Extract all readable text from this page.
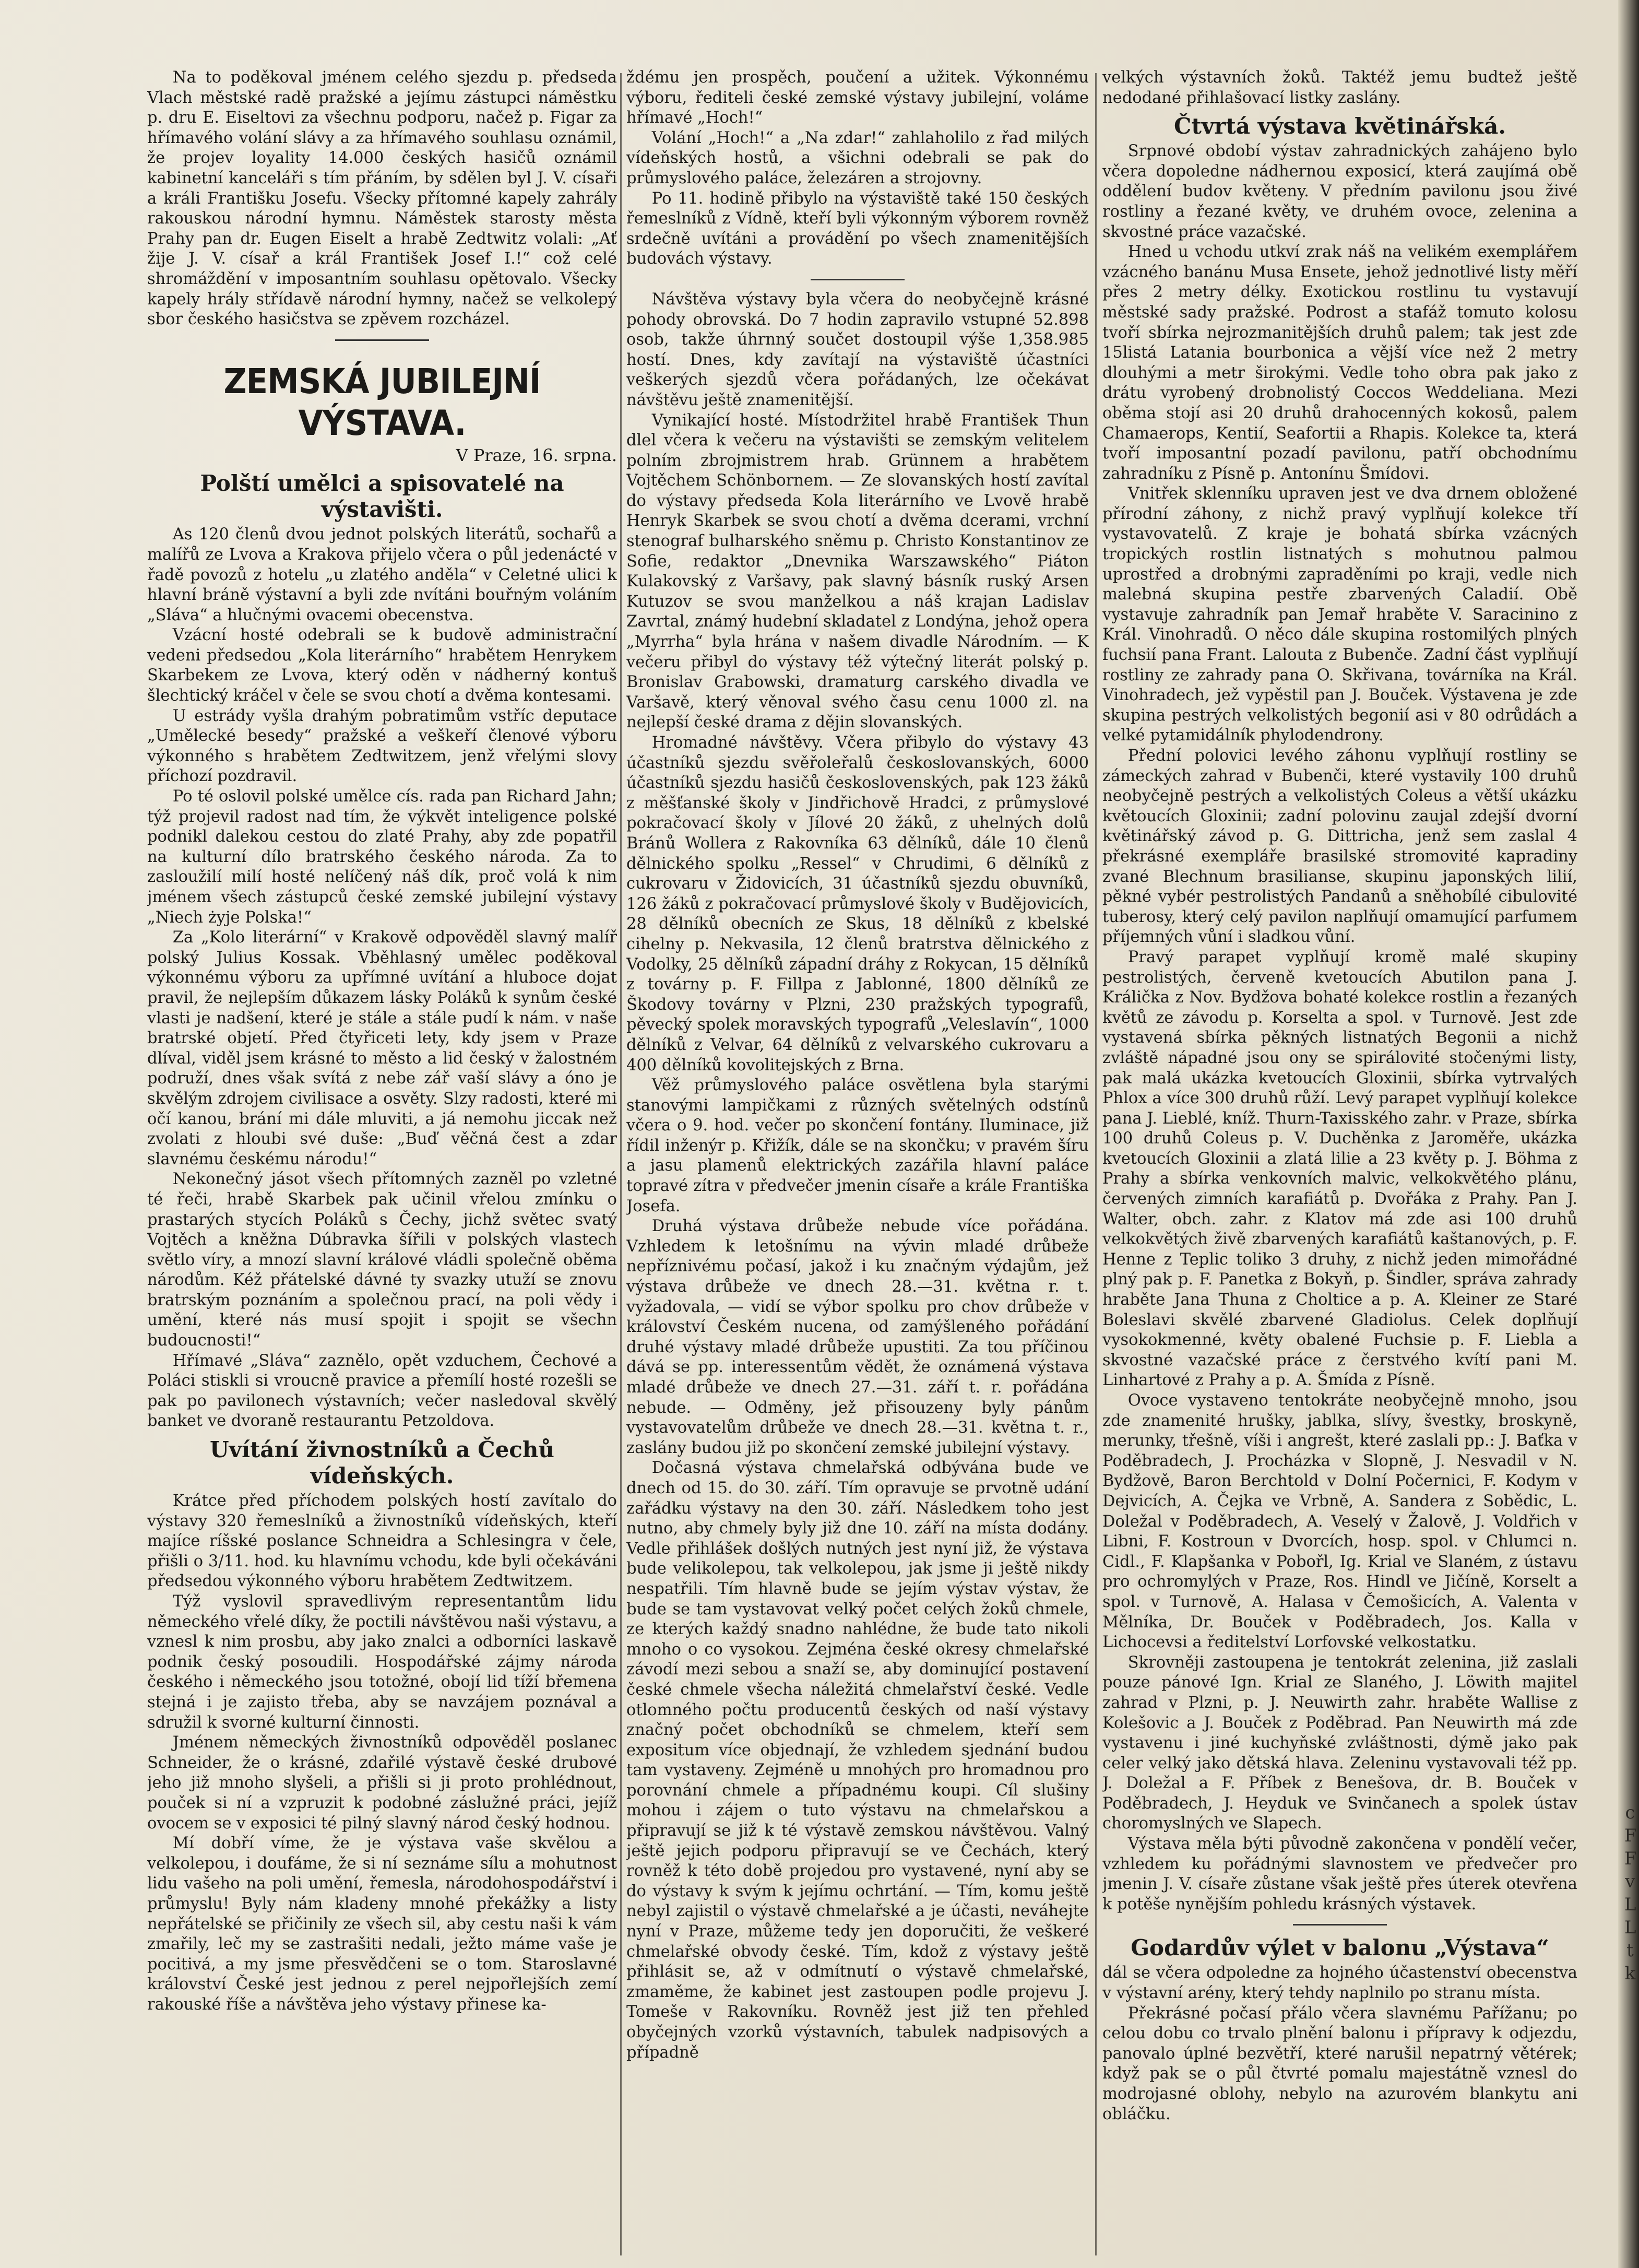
Na to poděkoval jménem celého sjezdu p. předseda Vlach městské radě pražské a jejímu zástupci náměstku p. dru E. Eiseltovi za všechnu podporu, načež p. Figar za hřímavého volání slávy a za hřímavého souhlasu oznámil, že projev loyality 14.000 českých hasičů oznámil kabinetní kanceláři s tím přáním, by sdělen byl J. V. císaři a králi Františku Josefu. Všecky přítomné kapely zahrály rakouskou národní hymnu. Náměstek starosty města Prahy pan dr. Eugen Eiselt a hrabě Zedtwitz volali: „Ať žije J. V. císař a král František Josef I.!“ což celé shromáždění v imposantním souhlasu opětovalo. Všecky kapely hrály střídavě národní hymny, načež se velkolepý sbor českého hasičstva se zpěvem rozcházel.

ZEMSKÁ JUBILEJNÍ VÝSTAVA.

V Praze, 16. srpna.

Polští umělci a spisovatelé na výstavišti.

As 120 členů dvou jednot polských literátů, sochařů a malířů ze Lvova a Krakova přijelo včera o půl jedenácté v řadě povozů z hotelu „u zlatého anděla“ v Celetné ulici k hlavní bráně výstavní a byli zde nvítáni bouřným voláním „Sláva“ a hlučnými ovacemi obecenstva.

Vzácní hosté odebrali se k budově administrační vedeni předsedou „Kola literárního“ hrabětem Henrykem Skarbekem ze Lvova, který oděn v nádherný kontuš šlechtický kráčel v čele se svou chotí a dvěma kontesami.

U estrády vyšla drahým pobratimům vstříc deputace „Umělecké besedy“ pražské a veškeří členové výboru výkonného s hrabětem Zedtwitzem, jenž vřelými slovy příchozí pozdravil.

Po té oslovil polské umělce cís. rada pan Richard Jahn; týž projevil radost nad tím, že výkvět inteligence polské podnikl dalekou cestou do zlaté Prahy, aby zde popatřil na kulturní dílo bratrského českého národa. Za to zasloužilí milí hosté nelíčený náš dík, proč volá k nim jménem všech zástupců české zemské jubilejní výstavy „Niech żyje Polska!“

Za „Kolo literární“ v Krakově odpověděl slavný malíř polský Julius Kossak. Vběhlasný umělec poděkoval výkonnému výboru za upřímné uvítání a hluboce dojat pravil, že nejlepším důkazem lásky Poláků k synům české vlasti je nadšení, které je stále a stále pudí k nám. v naše bratrské objetí. Před čtyřiceti lety, kdy jsem v Praze dlíval, viděl jsem krásné to město a lid český v žalostném podruží, dnes však svítá z nebe zář vaší slávy a óno je skvělým zdrojem civilisace a osvěty. Slzy radosti, které mi očí kanou, brání mi dále mluviti, a já nemohu jiccak než zvolati z hloubi své duše: „Buď věčná čest a zdar slavnému českému národu!“

Nekonečný jásot všech přítomných zazněl po vzletné té řeči, hrabě Skarbek pak učinil vřelou zmínku o prastarých stycích Poláků s Čechy, jichž světec svatý Vojtěch a kněžna Dúbravka šířili v polských vlastech světlo víry, a mnozí slavní králové vládli společně oběma národům. Kéž přátelské dávné ty svazky utuží se znovu bratrským poznáním a společnou prací, na poli vědy i umění, které nás musí spojit i spojit se všechn budoucnosti!“

Hřímavé „Sláva“ zaznělo, opět vzduchem, Čechové a Poláci stiskli si vroucně pravice a přemílí hosté rozešli se pak po pavilonech výstavních; večer nasledoval skvělý banket ve dvoraně restaurantu Petzoldova.

Uvítání živnostníků a Čechů vídeňských.

Krátce před příchodem polských hostí zavítalo do výstavy 320 řemeslníků a živnostníků vídeňských, kteří majíce ríšské poslance Schneidra a Schlesingra v čele, přišli o 3/11. hod. ku hlavnímu vchodu, kde byli očekáváni předsedou výkonného výboru hrabětem Zedtwitzem.

Týž vyslovil spravedlivým representantům lidu německého vřelé díky, že poctili návštěvou naši výstavu, a vznesl k nim prosbu, aby jako znalci a odborníci laskavě podnik český posoudili. Hospodářské zájmy národa českého i německého jsou totožné, obojí lid tíží břemena stejná i je zajisto třeba, aby se navzájem poznával a sdružil k svorné kulturní činnosti.

Jménem německých živnostníků odpověděl poslanec Schneider, že o krásné, zdařilé výstavě české drubové jeho již mnoho slyšeli, a přišli si ji proto prohlédnout, pouček si ní a vzpruzit k podobné záslužné práci, jejíž ovocem se v exposici té pilný slavný národ český hodnou.

Mí dobří víme, že je výstava vaše skvělou a velkolepou, i doufáme, že si ní seznáme sílu a mohutnost lidu vašeho na poli umění, řemesla, národohospodářství i průmyslu! Byly nám kladeny mnohé překážky a listy nepřátelské se přičinily ze všech sil, aby cestu naši k vám zmařily, leč my se zastrašiti nedali, ježto máme vaše je pocitivá, a my jsme přesvědčeni se o tom. Staroslavné království České jest jednou z perel nejpořlejších zemí rakouské říše a návštěva jeho výstavy přinese ka-

ždému jen prospěch, poučení a užitek. Výkonnému výboru, řediteli české zemské výstavy jubilejní, voláme hřímavé „Hoch!“

Volání „Hoch!“ a „Na zdar!“ zahlaholilo z řad milých vídeňských hostů, a všichni odebrali se pak do průmyslového paláce, železáren a strojovny.

Po 11. hodině přibylo na výstaviště také 150 českých řemeslníků z Vídně, kteří byli výkonným výborem rovněž srdečně uvítáni a provádění po všech znamenitějších budovách výstavy.

Návštěva výstavy byla včera do neobyčejně krásné pohody obrovská. Do 7 hodin zapravilo vstupné 52.898 osob, takže úhrnný součet dostoupil výše 1,358.985 hostí. Dnes, kdy zavítají na výstaviště účastníci veškerých sjezdů včera pořádaných, lze očekávat návštěvu ještě znamenitější.

Vynikající hosté. Místodržitel hrabě František Thun dlel včera k večeru na výstavišti se zemským velitelem polním zbrojmistrem hrab. Grünnem a hrabětem Vojtěchem Schönbornem. — Ze slovanských hostí zavítal do výstavy předseda Kola literárního ve Lvově hrabě Henryk Skarbek se svou chotí a dvěma dcerami, vrchní stenograf bulharského sněmu p. Christo Konstantinov ze Sofie, redaktor „Dnevnika Warszawského“ Piáton Kulakovský z Varšavy, pak slavný básník ruský Arsen Kutuzov se svou manželkou a náš krajan Ladislav Zavrtal, známý hudební skladatel z Londýna, jehož opera „Myrrha“ byla hrána v našem divadle Národním. — K večeru přibyl do výstavy též výtečný literát polský p. Bronislav Grabowski, dramaturg carského divadla ve Varšavě, který věnoval svého času cenu 1000 zl. na nejlepší české drama z dějin slovanských.

Hromadné návštěvy. Včera přibylo do výstavy 43 účastníků sjezdu svěřoleřalů českoslovanských, 6000 účastníků sjezdu hasičů československých, pak 123 žáků z měšťanské školy v Jindřichově Hradci, z průmyslové pokračovací školy v Jílové 20 žáků, z uhelných dolů Bránů Wollera z Rakovníka 63 dělníků, dále 10 členů dělnického spolku „Ressel“ v Chrudimi, 6 dělníků z cukrovaru v Židovicích, 31 účastníků sjezdu obuvníků, 126 žáků z pokračovací průmyslové školy v Budějovicích, 28 dělníků obecních ze Skus, 18 dělníků z kbelské cihelny p. Nekvasila, 12 členů bratrstva dělnického z Vodolky, 25 dělníků západní dráhy z Rokycan, 15 dělníků z továrny p. F. Fillpa z Jablonné, 1800 dělníků ze Škodovy továrny v Plzni, 230 pražských typografů, pěvecký spolek moravských typografů „Veleslavín“, 1000 dělníků z Velvar, 64 dělníků z velvarského cukrovaru a 400 dělníků kovolitejských z Brna.

Věž průmyslového paláce osvětlena byla starými stanovými lampičkami z různých světelných odstínů včera o 9. hod. večer po skončení fontány. Iluminace, již řídil inženýr p. Křižík, dále se na skončku; v pravém šíru a jasu plamenů elektrických zazářila hlavní paláce topravé zítra v předvečer jmenin císaře a krále Františka Josefa.

Druhá výstava drůbeže nebude více pořádána. Vzhledem k letošnímu na vývin mladé drůbeže nepříznivému počasí, jakož i ku značným výdajům, jež výstava drůbeže ve dnech 28.—31. května r. t. vyžadovala, — vidí se výbor spolku pro chov drůbeže v království Českém nucena, od zamýšleného pořádání druhé výstavy mladé drůbeže upustiti. Za tou příčinou dává se pp. interessentům vědět, že oznámená výstava mladé drůbeže ve dnech 27.—31. září t. r. pořádána nebude. — Odměny, jež přisouzeny byly pánům vystavovatelům drůbeže ve dnech 28.—31. května t. r., zaslány budou již po skončení zemské jubilejní výstavy.

Dočasná výstava chmelařská odbývána bude ve dnech od 15. do 30. září. Tím opravuje se prvotně udání zařádku výstavy na den 30. září. Následkem toho jest nutno, aby chmely byly již dne 10. září na místa dodány. Vedle přihlášek došlých nutných jest nyní již, že výstava bude velikolepou, tak velkolepou, jak jsme ji ještě nikdy nespatřili. Tím hlavně bude se jejím výstav výstav, že bude se tam vystavovat velký počet celých žoků chmele, ze kterých každý snadno nahlédne, že bude tato nikoli mnoho o co vysokou. Zejména české okresy chmelařské závodí mezi sebou a snaží se, aby dominující postavení české chmele všecha náležitá chmelařství české. Vedle otlomného počtu producentů českých od naší výstavy značný počet obchodníků se chmelem, kteří sem expositum více objednají, že vzhledem sjednání budou tam vystaveny. Zejméně u mnohých pro hromadnou pro porovnání chmele a případnému koupi. Cíl slušiny mohou i zájem o tuto výstavu na chmelařskou a připravují se již k té výstavě zemskou návštěvou. Valný ještě jejich podporu připravují se ve Čechách, který rovněž k této době projedou pro vystavené, nyní aby se do výstavy k svým k jejímu ochrtání. — Tím, komu ještě nebyl zajistil o výstavě chmelařské a je účasti, neváhejte nyní v Praze, můžeme tedy jen doporučiti, že veškeré chmelařské obvody české. Tím, kdož z výstavy ještě přihlásit se, až v odmítnutí o výstavě chmelařské, zmaměme, že kabinet jest zastoupen podle projevu J. Tomeše v Rakovníku. Rovněž jest již ten přehled obyčejných vzorků výstavních, tabulek nadpisových a případně

velkých výstavních žoků. Taktéž jemu budtež ještě nedodané přihlašovací listky zaslány.

Čtvrtá výstava květinářská.

Srpnové období výstav zahradnických zahájeno bylo včera dopoledne nádhernou exposicí, která zaujímá obě oddělení budov květeny. V předním pavilonu jsou živé rostliny a řezané květy, ve druhém ovoce, zelenina a skvostné práce vazačské.

Hned u vchodu utkví zrak náš na velikém exemplářem vzácného banánu Musa Ensete, jehož jednotlivé listy měří přes 2 metry délky. Exotickou rostlinu tu vystavují městské sady pražské. Podrost a stafáž tomuto kolosu tvoří sbírka nejrozmanitějších druhů palem; tak jest zde 15listá Latania bourbonica a vější více než 2 metry dlouhými a metr širokými. Vedle toho obra pak jako z drátu vyrobený drobnolistý Coccos Weddeliana. Mezi oběma stojí asi 20 druhů drahocenných kokosů, palem Chamaerops, Kentií, Seafortii a Rhapis. Kolekce ta, která tvoří imposantní pozadí pavilonu, patří obchodnímu zahradníku z Písně p. Antonínu Šmídovi.

Vnitřek sklenníku upraven jest ve dva drnem obložené přírodní záhony, z nichž pravý vyplňují kolekce tří vystavovatelů. Z kraje je bohatá sbírka vzácných tropických rostlin listnatých s mohutnou palmou uprostřed a drobnými zapraděními po kraji, vedle nich malebná skupina pestře zbarvených Caladií. Obě vystavuje zahradník pan Jemař hraběte V. Saracinino z Král. Vinohradů. O něco dále skupina rostomilých plných fuchsií pana Frant. Lalouta z Bubenče. Zadní část vyplňují rostliny ze zahrady pana O. Skřivana, továrníka na Král. Vinohradech, jež vypěstil pan J. Bouček. Výstavena je zde skupina pestrých velkolistých begonií asi v 80 odrůdách a velké pytamidálník phylodendrony.

Přední polovici levého záhonu vyplňují rostliny se zámeckých zahrad v Bubenči, které vystavily 100 druhů neobyčejně pestrých a velkolistých Coleus a větší ukázku květoucích Gloxinii; zadní polovinu zaujal zdejší dvorní květinářský závod p. G. Dittricha, jenž sem zaslal 4 překrásné exempláře brasilské stromovité kapradiny zvané Blechnum brasilianse, skupinu japonských lilií, pěkné vybér pestrolistých Pandanů a sněhobílé cibulovité tuberosy, který celý pavilon naplňují omamující parfumem příjemných vůní i sladkou vůní.

Pravý parapet vyplňují kromě malé skupiny pestrolistých, červeně kvetoucích Abutilon pana J. Králičkа z Nov. Bydžova bohaté kolekce rostlin a řezaných květů ze závodu p. Korselta a spol. v Turnově. Jest zde vystavená sbírka pěkných listnatých Begonii a nichž zvláště nápadné jsou ony se spirálovité stočenými listy, pak malá ukázka kvetoucích Gloxinii, sbírka vytrvalých Phlox a více 300 druhů růží. Levý parapet vyplňují kolekce pana J. Lieblé, kníž. Thurn-Taxisského zahr. v Praze, sbírka 100 druhů Coleus p. V. Duchěnka z Jaroměře, ukázka kvetoucích Gloxinii a zlatá lilie a 23 květy p. J. Böhma z Prahy a sbírka venkovních malvic, velkokvětého plánu, červených zimních karafiátů p. Dvořáka z Prahy. Pan J. Walter, obch. zahr. z Klatov má zde asi 100 druhů velkokvětých živě zbarvených karafiátů kaštanových, p. F. Henne z Teplic toliko 3 druhy, z nichž jeden mimořádné plný pak p. F. Panetka z Bokyň, p. Šindler, správa zahrady hraběte Jana Thuna z Choltice a p. A. Kleiner ze Staré Boleslavi skvělé zbarvené Gladiolus. Celek doplňují vysokokmenné, květy obalené Fuchsie p. F. Lieblа a skvostné vazačské práce z čerstvého kvítí pani M. Linhartové z Prahy a p. A. Šmída z Písně.

Ovoce vystaveno tentokráte neobyčejně mnoho, jsou zde znamenité hrušky, jablka, slívy, švestky, broskyně, merunky, třešně, víši i angrešt, které zaslali pp.: J. Baťka v Poděbradech, J. Procházka v Slopně, J. Nesvadil v N. Bydžově, Baron Berchtold v Dolní Počernici, F. Kodym v Dejvicích, A. Čejka ve Vrbně, A. Sandera z Sobědic, L. Doležal v Poděbradech, A. Veselý v Žalově, J. Voldřich v Libni, F. Kostroun v Dvorcích, hosp. spol. v Chlumci n. Cidl., F. Klapšanka v Pobořl, Ig. Krial ve Slaném, z ústavu pro ochromylých v Praze, Ros. Hindl ve Jičíně, Korselt a spol. v Turnově, A. Halasa v Čemošicích, A. Valenta v Mělníka, Dr. Bouček v Poděbradech, Jos. Kalla v Lichocevsi a ředitelství Lorfovské velkostatku.

Skrovněji zastoupena je tentokrát zelenina, již zaslali pouze pánové Ign. Krial ze Slaného, J. Löwith majitel zahrad v Plzni, p. J. Neuwirth zahr. hraběte Wallise z Kolešovic a J. Bouček z Poděbrad. Pan Neuwirth má zde vystavenu i jiné kuchyňské zvláštnosti, dýmě jako pak celer velký jako dětská hlava. Zeleninu vystavovali též pp. J. Doležal a F. Příbek z Benešova, dr. B. Bouček v Poděbradech, J. Heyduk ve Svinčanech a spolek ústav choromyslných ve Slapech.

Výstava měla býti původně zakončena v pondělí večer, vzhledem ku pořádnými slavnostem ve předvečer pro jmenin J. V. císaře zůstane však ještě přes úterek otevřena k potěše nynějším pohledu krásných výstavek.

Godardův výlet v balonu „Výstava“

dál se včera odpoledne za hojného účastenství obecenstva v výstavní arény, který tehdy naplnilo po stranu místa.

Překrásné počasí přálo včera slavnému Pařížanu; po celou dobu co trvalo plnění balonu i přípravy k odjezdu, panovalo úplné bezvětří, které narušil nepatrný větérek; když pak se o půl čtvrté pomalu majestátně vznesl do modrojasné oblohy, nebylo na azurovém blankytu ani obláčku.

c
F
F
v
L
L
t
k
